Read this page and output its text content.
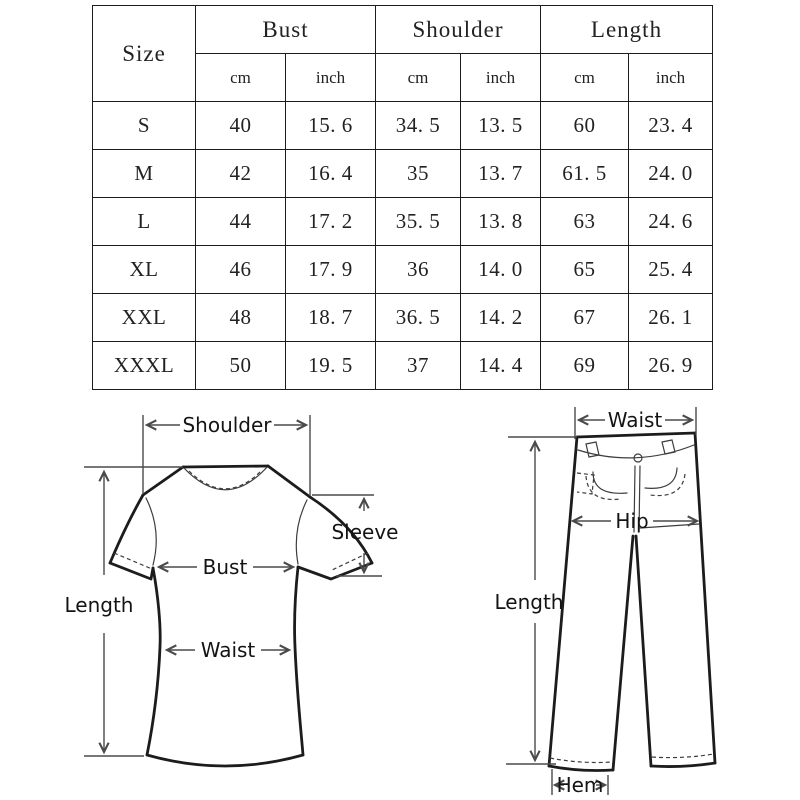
Size	Bust		Shoulder		Length	
	cm	inch	cm	inch	cm	inch
S	40	15. 6	34. 5	13. 5	60	23. 4
M	42	16. 4	35	13. 7	61. 5	24. 0
L	44	17. 2	35. 5	13. 8	63	24. 6
XL	46	17. 9	36	14. 0	65	25. 4
XXL	48	18. 7	36. 5	14. 2	67	26. 1
XXXL	50	19. 5	37	14. 4	69	26. 9
Shoulder
Length
Sleeve
Bust
Waist
Waist
Hip
Length
Hem
